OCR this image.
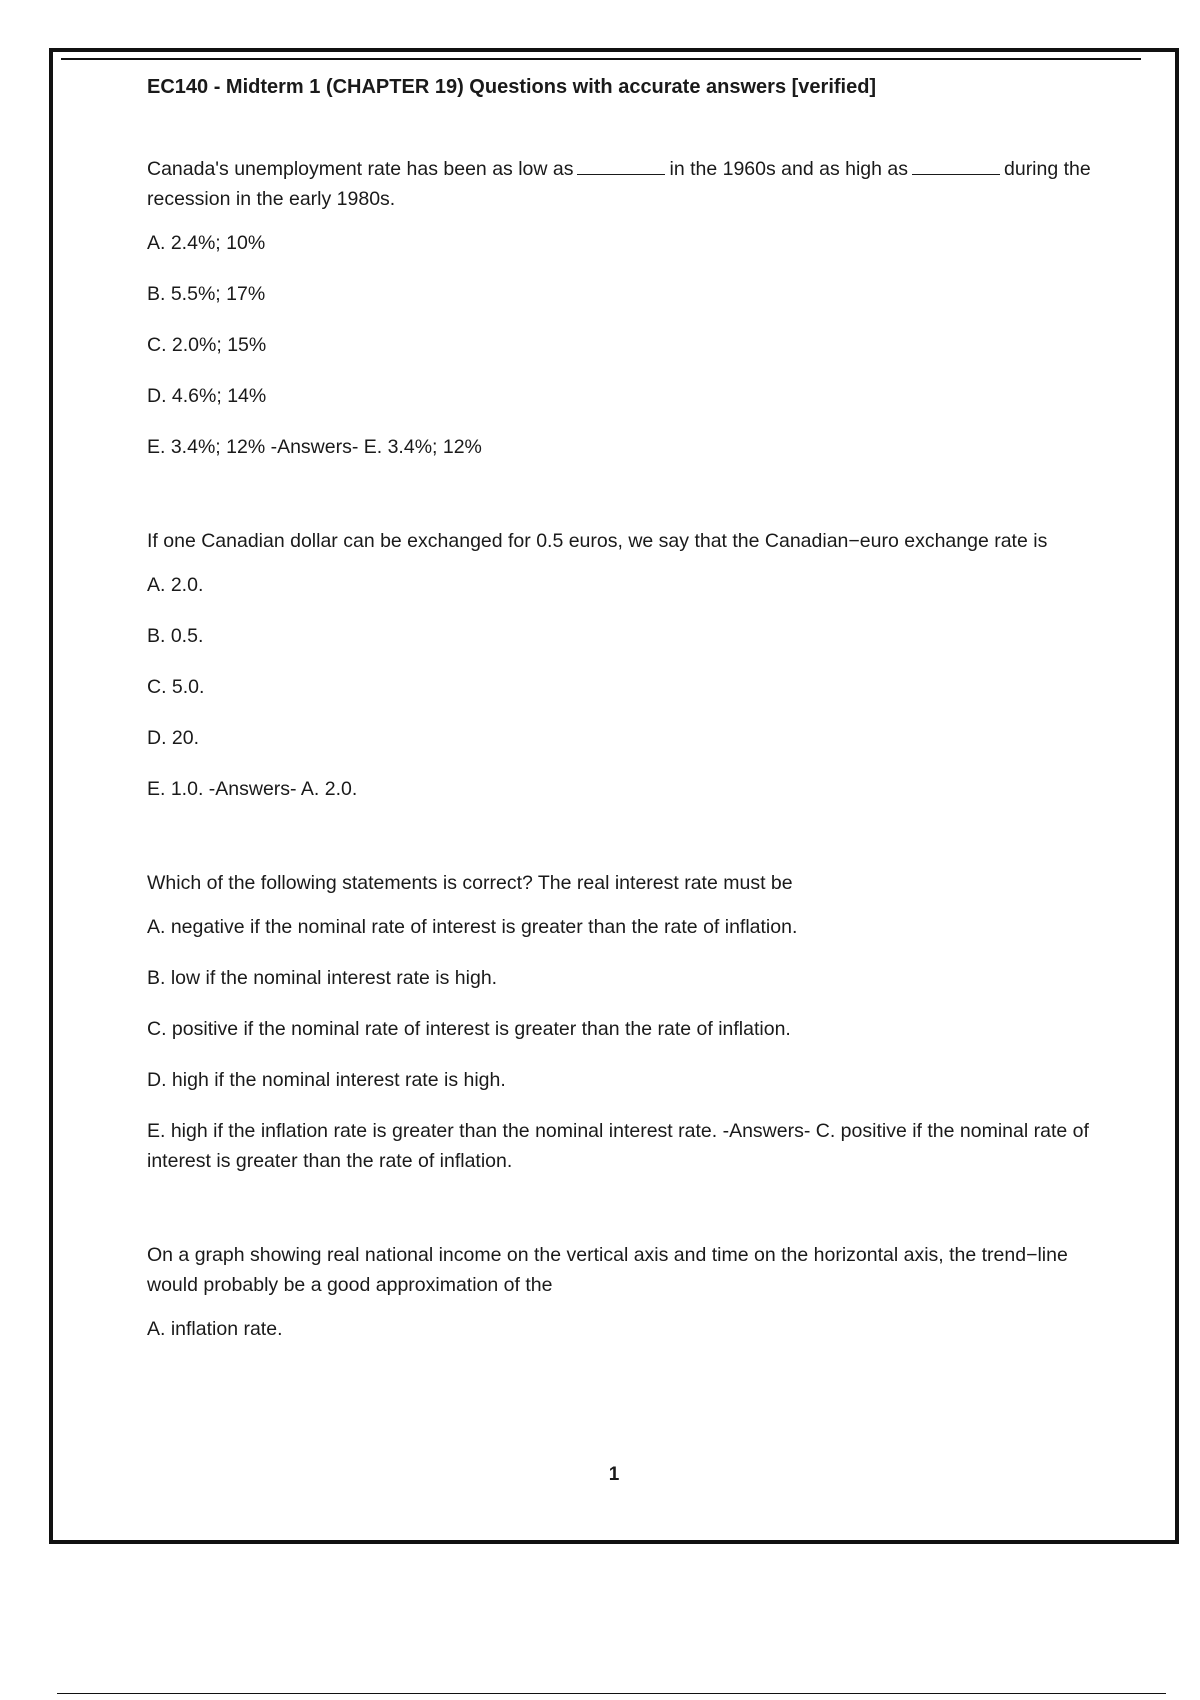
EC140 - Midterm 1 (CHAPTER 19) Questions with accurate answers [verified]

Canada's unemployment rate has been as low as	in the 1960s and as high as	during the recession in the early 1980s.

A. 2.4%; 10%

B. 5.5%; 17%

C. 2.0%; 15%

D. 4.6%; 14%

E. 3.4%; 12% -Answers- E. 3.4%; 12%

If one Canadian dollar can be exchanged for 0.5 euros, we say that the Canadian−euro exchange rate is

A. 2.0.

B. 0.5.

C. 5.0.

D. 20.

E. 1.0. -Answers- A. 2.0.

Which of the following statements is correct? The real interest rate must be

A. negative if the nominal rate of interest is greater than the rate of inflation.

B. low if the nominal interest rate is high.

C. positive if the nominal rate of interest is greater than the rate of inflation.

D. high if the nominal interest rate is high.

E. high if the inflation rate is greater than the nominal interest rate. -Answers- C. positive if the nominal rate of interest is greater than the rate of inflation.

On a graph showing real national income on the vertical axis and time on the horizontal axis, the trend−line would probably be a good approximation of the

A. inflation rate.

1
